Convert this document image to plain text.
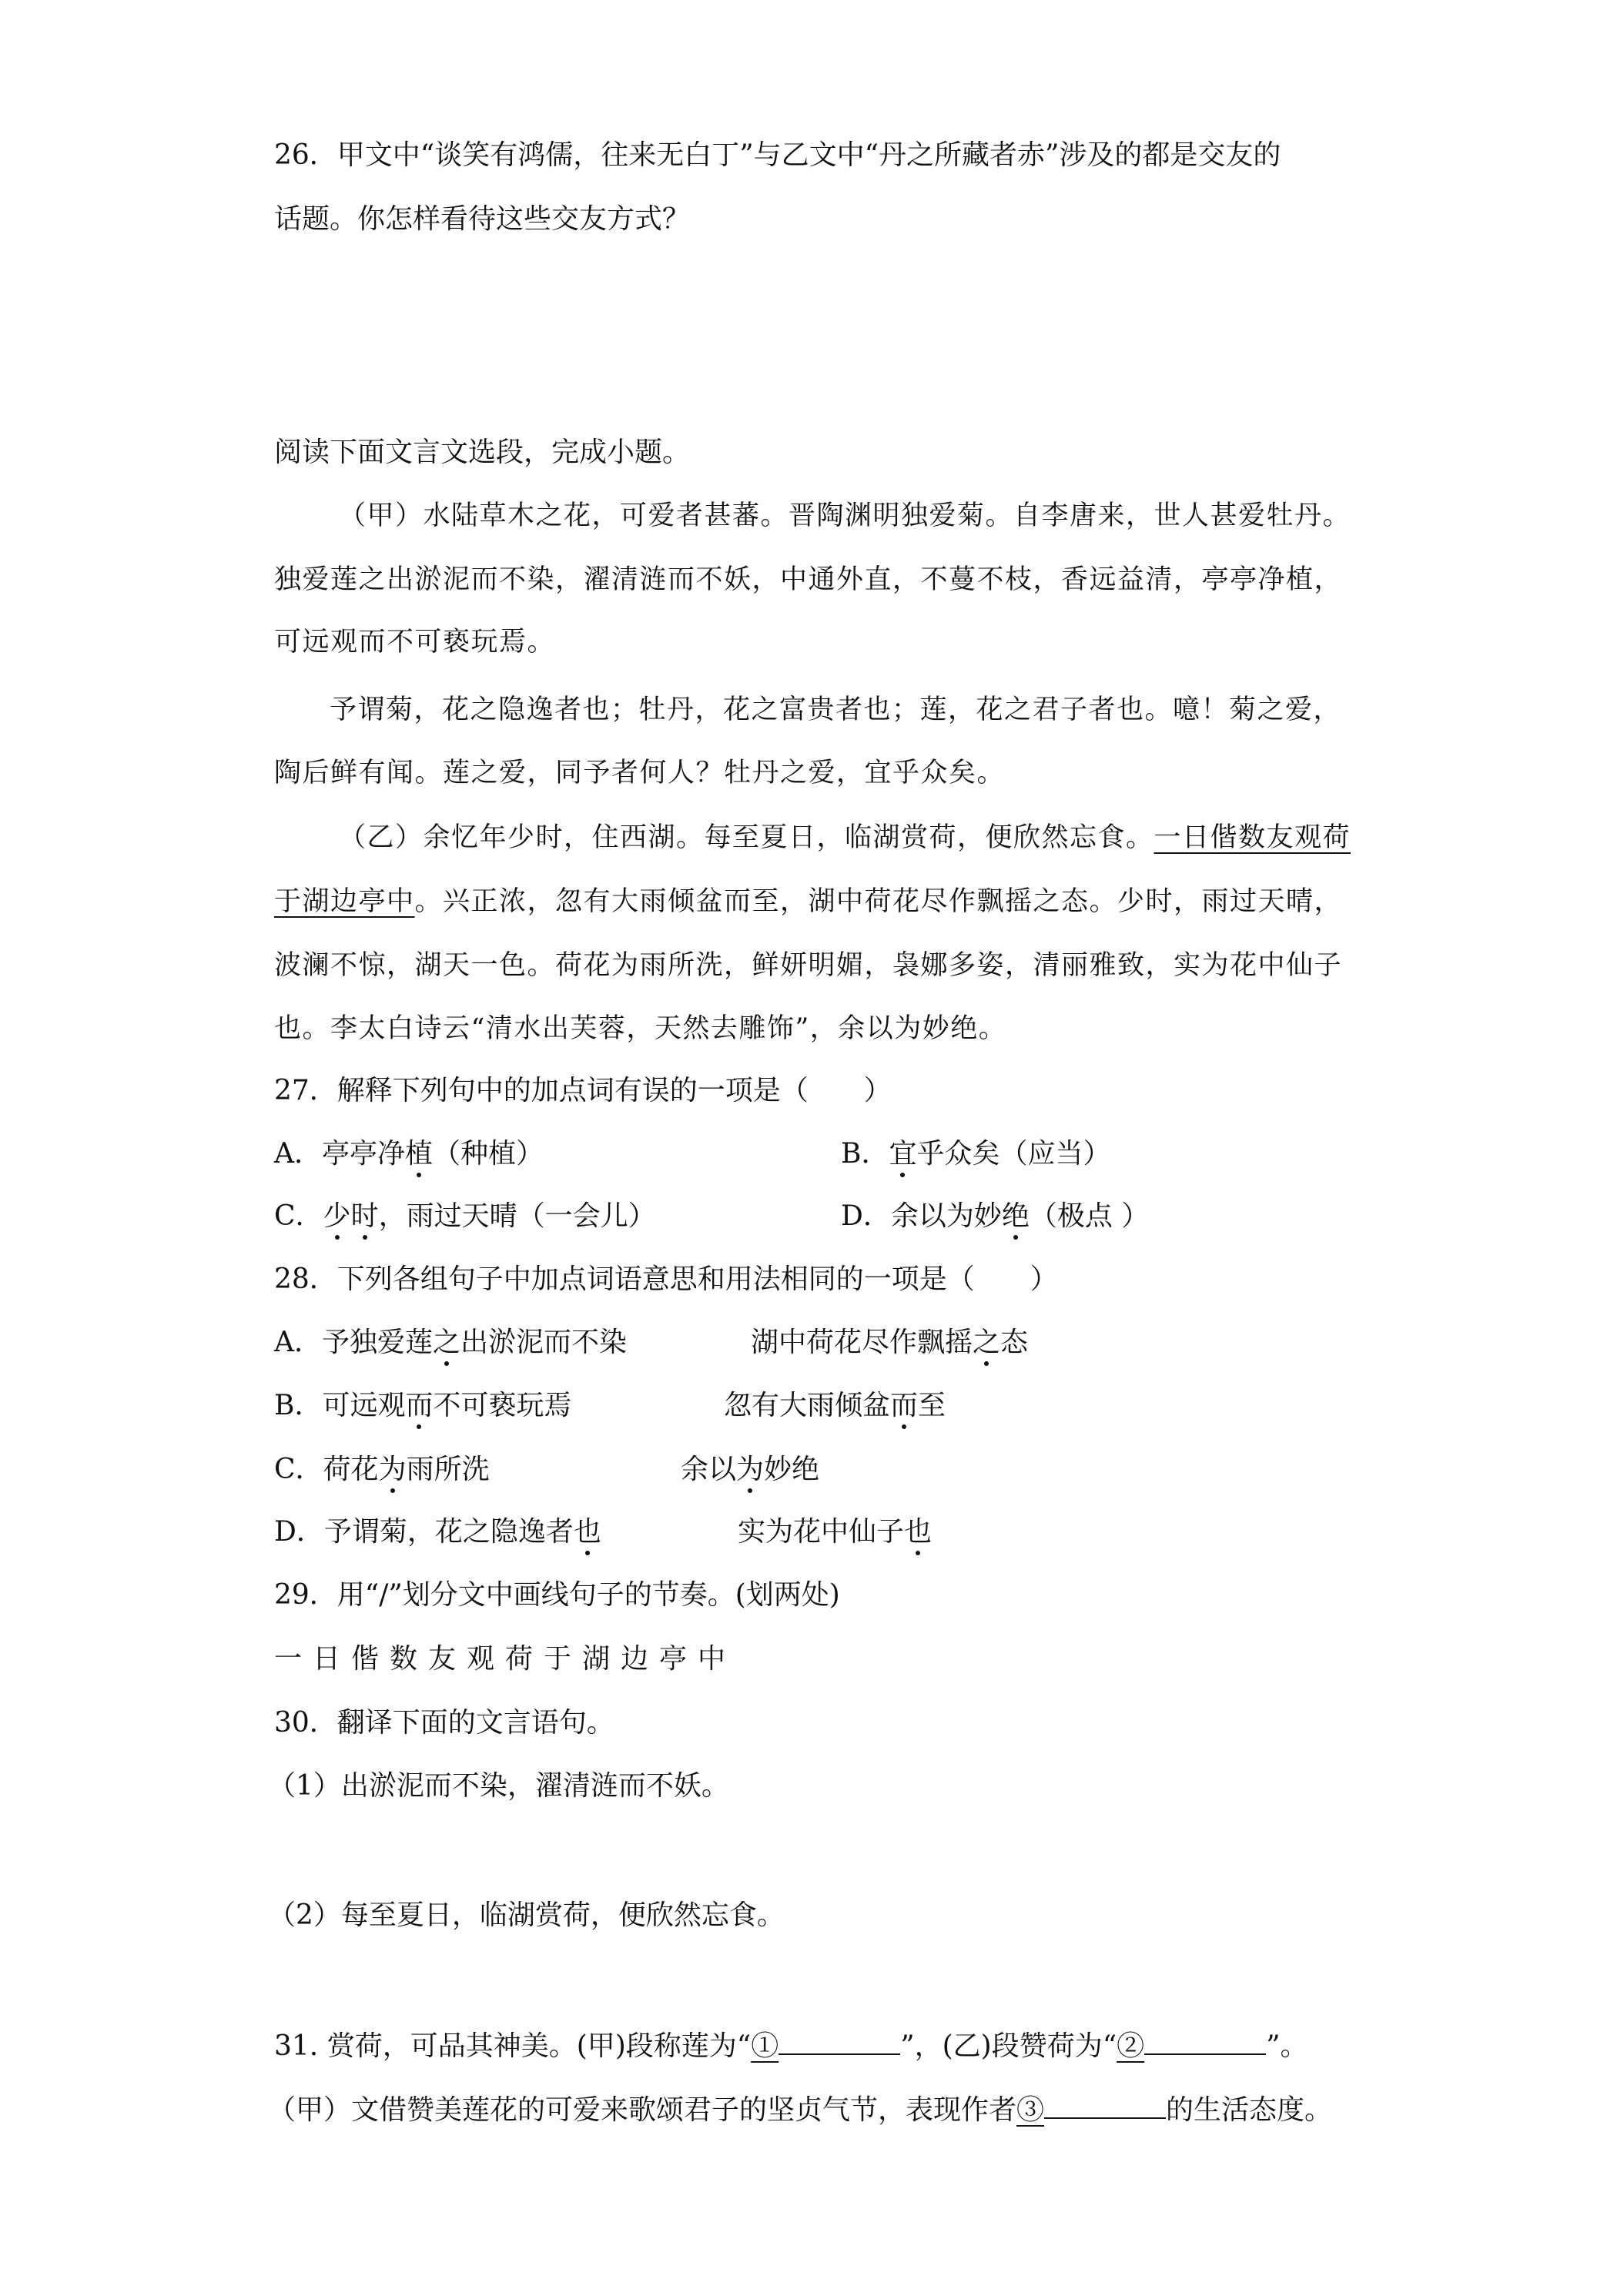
26．甲文中“谈笑有鸿儒，往来无白丁”与乙文中“丹之所藏者赤”涉及的都是交友的
话题。你怎样看待这些交友方式？
阅读下面文言文选段，完成小题。
（甲）水陆草木之花，可爱者甚蕃。晋陶渊明独爱菊。自李唐来，世人甚爱牡丹。
独爱莲之出淤泥而不染，濯清涟而不妖，中通外直，不蔓不枝，香远益清，亭亭净植，
可远观而不可亵玩焉。
予谓菊，花之隐逸者也；牡丹，花之富贵者也；莲，花之君子者也。噫！菊之爱，
陶后鲜有闻。莲之爱，同予者何人？牡丹之爱，宜乎众矣。
（乙）余忆年少时，住西湖。每至夏日，临湖赏荷，便欣然忘食。一日偕数友观荷
于湖边亭中。兴正浓，忽有大雨倾盆而至，湖中荷花尽作飘摇之态。少时，雨过天晴，
波澜不惊，湖天一色。荷花为雨所洗，鲜妍明媚，袅娜多姿，清丽雅致，实为花中仙子
也。李太白诗云“清水出芙蓉，天然去雕饰”，余以为妙绝。
27．解释下列句中的加点词有误的一项是（　　）
A．亭亭净植（种植）	B．宜乎众矣（应当）
C．少时，雨过天晴（一会儿）	D．余以为妙绝（极点 ）
28．下列各组句子中加点词语意思和用法相同的一项是（　　）
A．予独爱莲之出淤泥而不染	湖中荷花尽作飘摇之态
B．可远观而不可亵玩焉	忽有大雨倾盆而至
C．荷花为雨所洗	余以为妙绝
D．予谓菊，花之隐逸者也	实为花中仙子也
29．用“/”划分文中画线句子的节奏。(划两处)
一日偕数友观荷于湖边亭中
30．翻译下面的文言语句。
（1）出淤泥而不染，濯清涟而不妖。
（2）每至夏日，临湖赏荷，便欣然忘食。
31. 赏荷，可品其神美。(甲)段称莲为“①	”，(乙)段赞荷为“②	”。
（甲）文借赞美莲花的可爱来歌颂君子的坚贞气节，表现作者③	的生活态度。
